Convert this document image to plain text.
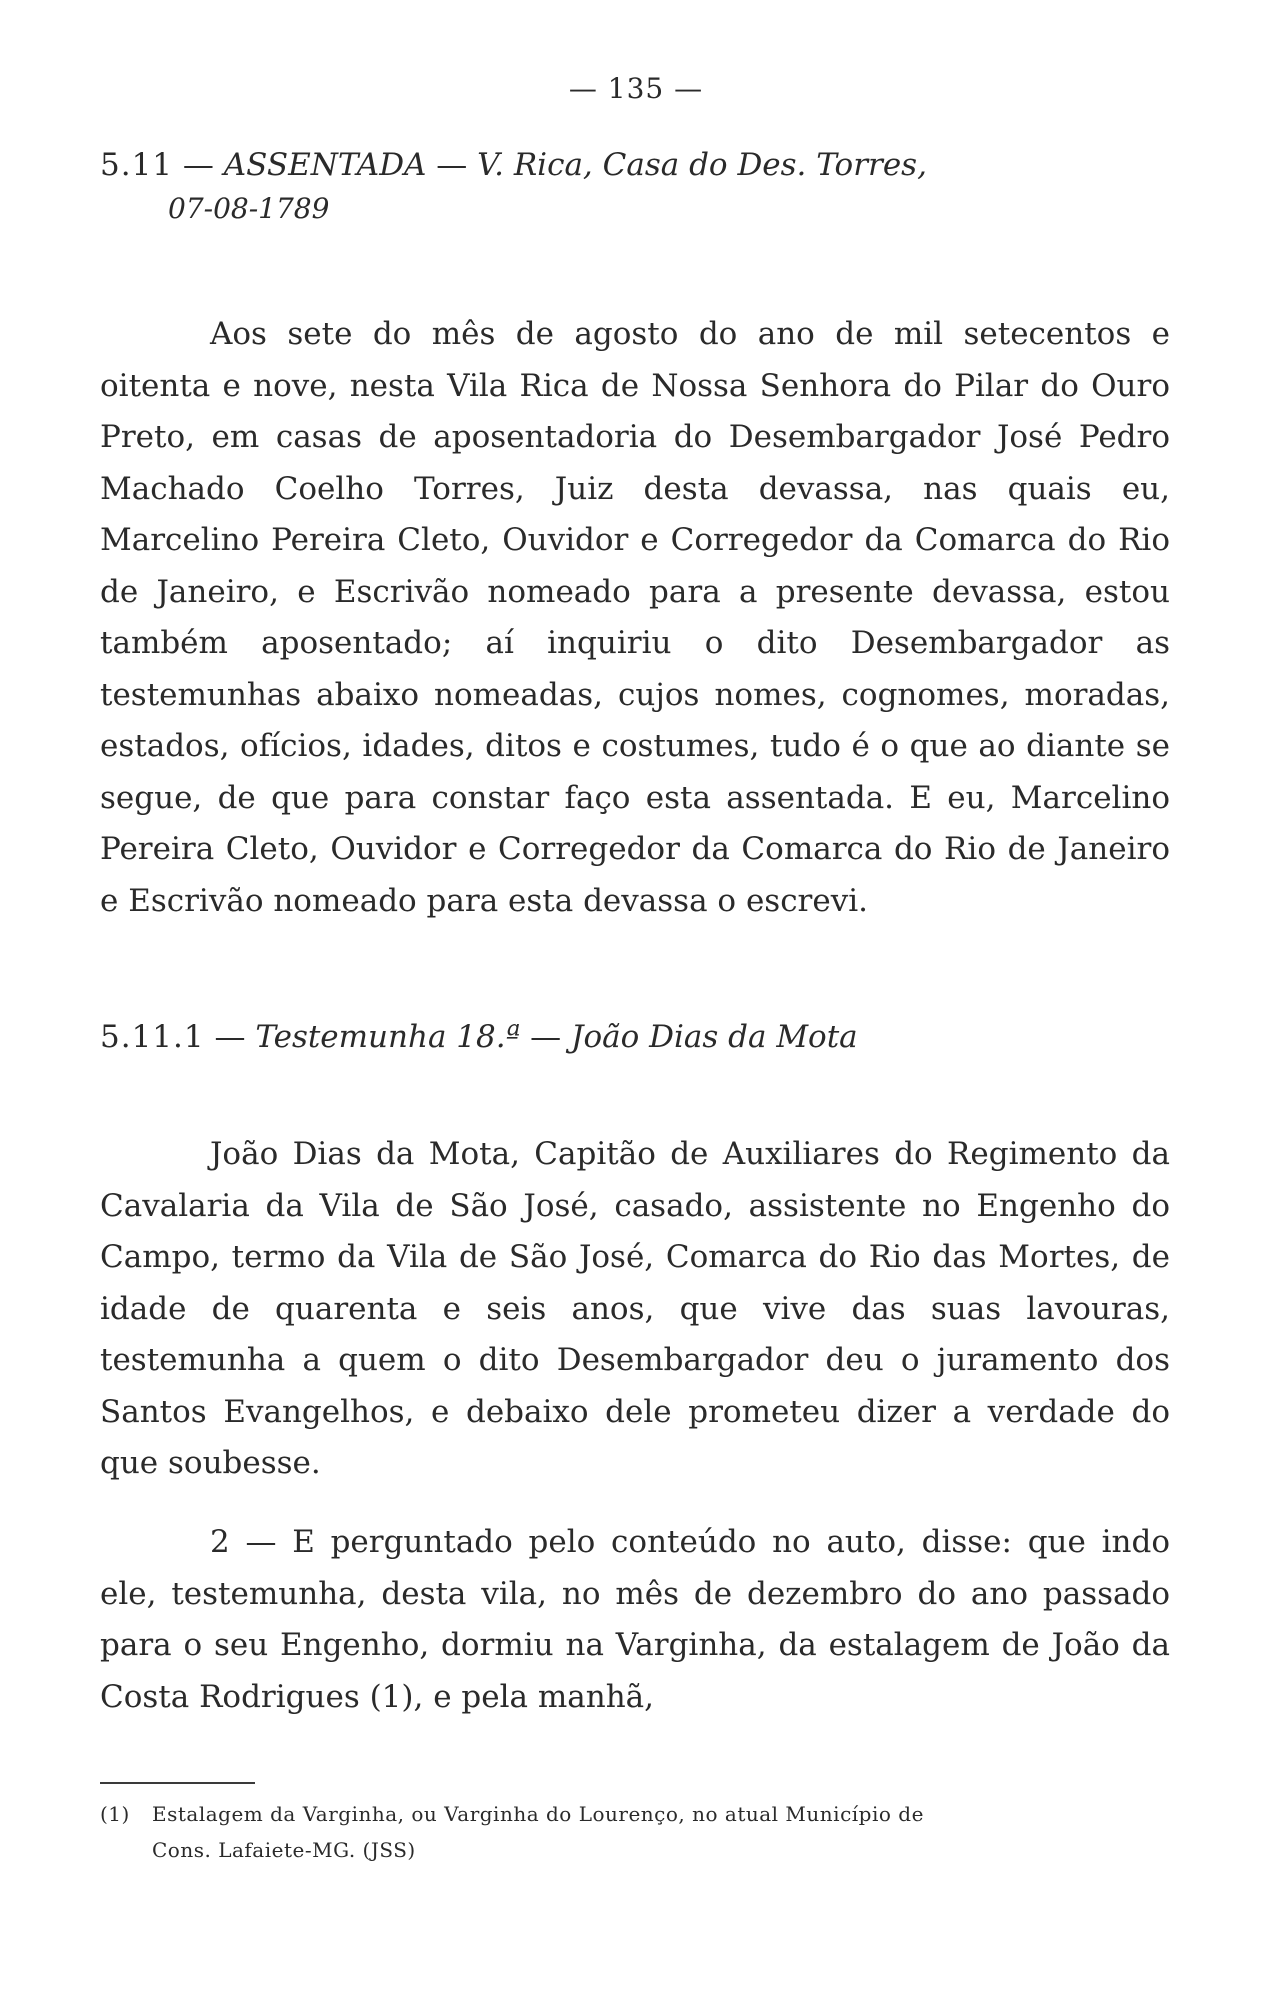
— 135 —
5.11 — ASSENTADA — V. Rica, Casa do Des. Torres,
07-08-1789

Aos sete do mês de agosto do ano de mil setecentos e oitenta e nove, nesta Vila Rica de Nossa Senhora do Pilar do Ouro Preto, em casas de aposentadoria do Desembargador José Pedro Machado Coelho Torres, Juiz desta devassa, nas quais eu, Marcelino Pereira Cleto, Ouvidor e Corregedor da Comarca do Rio de Janeiro, e Escrivão nomeado para a presente devassa, estou também aposentado; aí inquiriu o dito Desembargador as testemunhas abaixo nomeadas, cujos nomes, cognomes, moradas, estados, ofícios, idades, ditos e costumes, tudo é o que ao diante se segue, de que para constar faço esta assentada. E eu, Marcelino Pereira Cleto, Ouvidor e Corregedor da Comarca do Rio de Janeiro e Escrivão nomeado para esta devassa o escrevi.

5.11.1 — Testemunha 18.ª — João Dias da Mota

João Dias da Mota, Capitão de Auxiliares do Regimento da Cavalaria da Vila de São José, casado, assistente no Engenho do Campo, termo da Vila de São José, Comarca do Rio das Mortes, de idade de quarenta e seis anos, que vive das suas lavouras, testemunha a quem o dito Desembargador deu o juramento dos Santos Evangelhos, e debaixo dele prometeu dizer a verdade do que soubesse.

2 — E perguntado pelo conteúdo no auto, disse: que indo ele, testemunha, desta vila, no mês de dezembro do ano passado para o seu Engenho, dormiu na Varginha, da estalagem de João da Costa Rodrigues (1), e pela manhã,

(1) Estalagem da Varginha, ou Varginha do Lourenço, no atual Município de
Cons. Lafaiete-MG. (JSS)
